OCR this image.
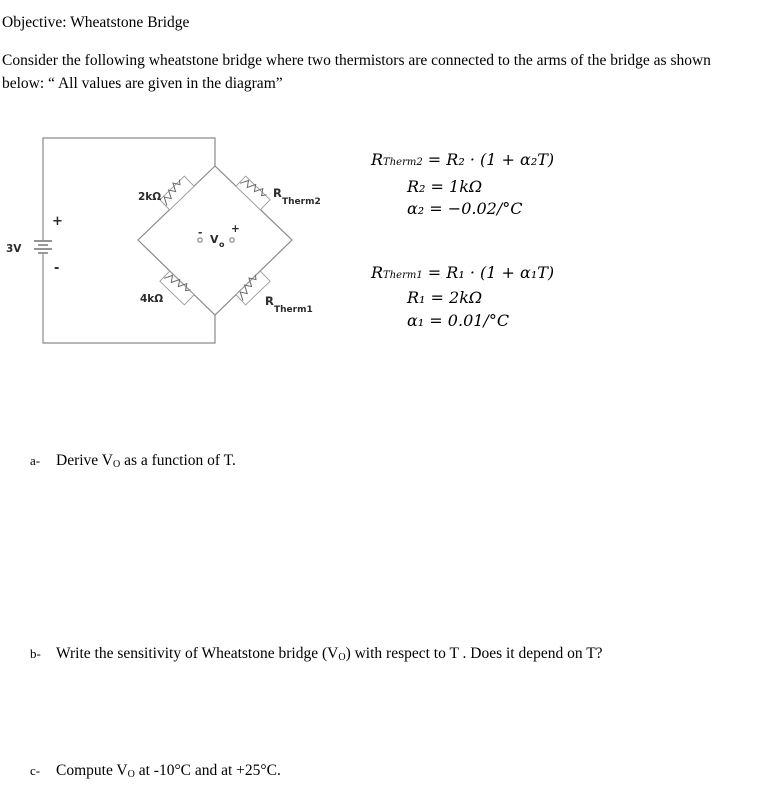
Objective: Wheatstone Bridge
Consider the following wheatstone bridge where two thermistors are connected to the arms of the bridge as shown below: “ All values are given in the diagram”
3V
+
-
2kΩ
4kΩ
R
Therm2
R
Therm1
-	+
V o
RTherm2 = R₂ · (1 + α₂T)
R₂ = 1kΩ
α₂ = −0.02/°C
RTherm1 = R₁ · (1 + α₁T)
R₁ = 2kΩ
α₁ = 0.01/°C
a- Derive $V_O$ as a function of T.
b- Write the sensitivity of Wheatstone bridge $(V_O)$ with respect to T . Does it depend on T?
c- Compute $V_O$ at -10°C and at +25°C.
